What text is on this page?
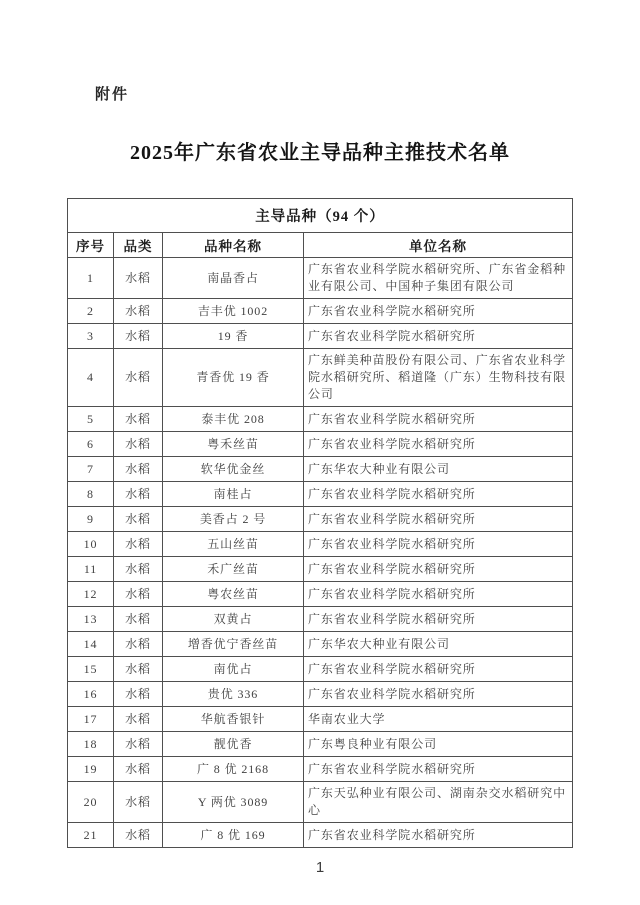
附件
2025年广东省农业主导品种主推技术名单
主导品种（94 个）			
序号	品类	品种名称	单位名称
1	水稻	南晶香占	广东省农业科学院水稻研究所、广东省金稻种业有限公司、中国种子集团有限公司
2	水稻	吉丰优 1002	广东省农业科学院水稻研究所
3	水稻	19 香	广东省农业科学院水稻研究所
4	水稻	青香优 19 香	广东鲜美种苗股份有限公司、广东省农业科学院水稻研究所、稻道隆（广东）生物科技有限公司
5	水稻	泰丰优 208	广东省农业科学院水稻研究所
6	水稻	粤禾丝苗	广东省农业科学院水稻研究所
7	水稻	软华优金丝	广东华农大种业有限公司
8	水稻	南桂占	广东省农业科学院水稻研究所
9	水稻	美香占 2 号	广东省农业科学院水稻研究所
10	水稻	五山丝苗	广东省农业科学院水稻研究所
11	水稻	禾广丝苗	广东省农业科学院水稻研究所
12	水稻	粤农丝苗	广东省农业科学院水稻研究所
13	水稻	双黄占	广东省农业科学院水稻研究所
14	水稻	增香优宁香丝苗	广东华农大种业有限公司
15	水稻	南优占	广东省农业科学院水稻研究所
16	水稻	贵优 336	广东省农业科学院水稻研究所
17	水稻	华航香银针	华南农业大学
18	水稻	靓优香	广东粤良种业有限公司
19	水稻	广 8 优 2168	广东省农业科学院水稻研究所
20	水稻	Y 两优 3089	广东天弘种业有限公司、湖南杂交水稻研究中心
21	水稻	广 8 优 169	广东省农业科学院水稻研究所
1
